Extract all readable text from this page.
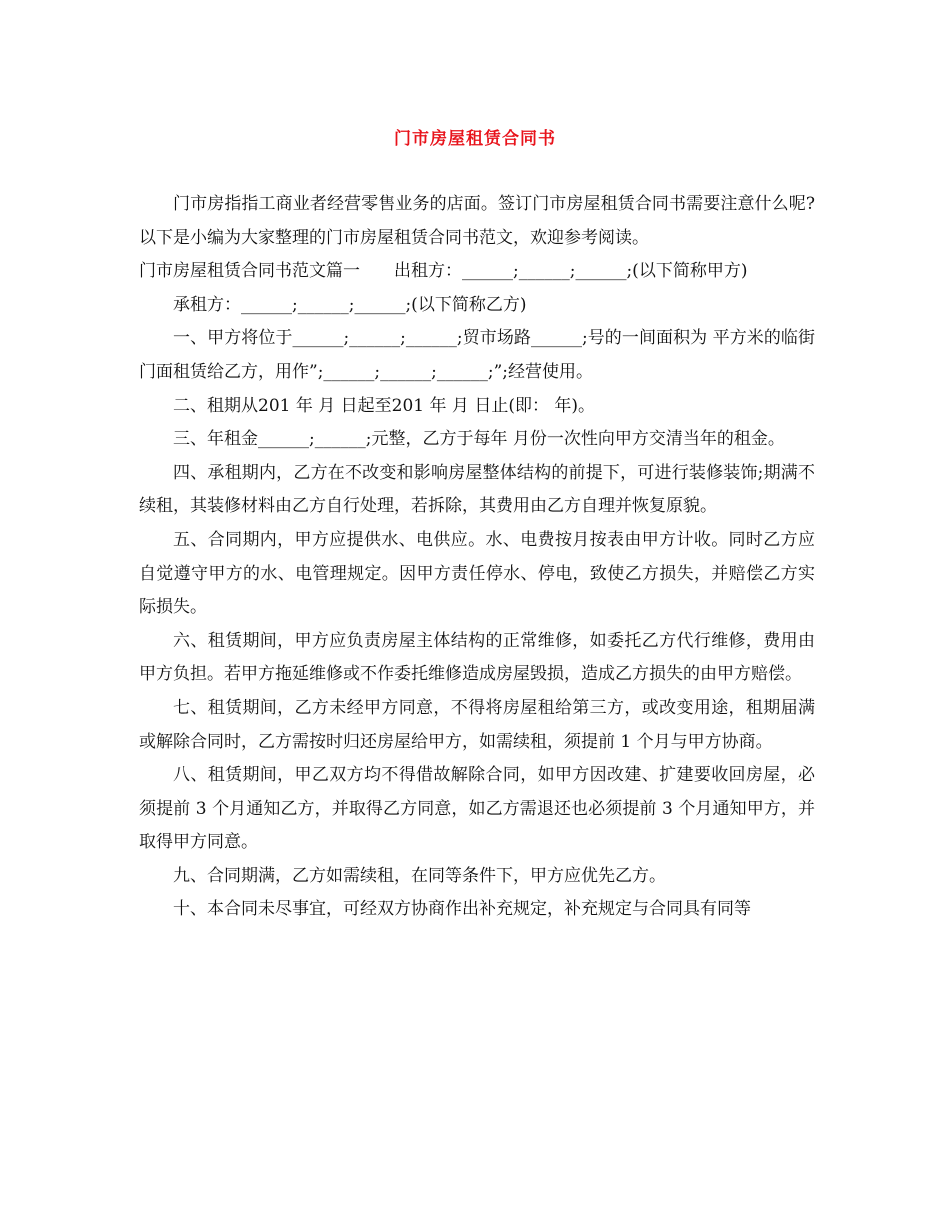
门市房屋租赁合同书

门市房指指工商业者经营零售业务的店面。签订门市房屋租赁合同书需要注意什么呢?以下是小编为大家整理的门市房屋租赁合同书范文，欢迎参考阅读。

门市房屋租赁合同书范文篇一　　出租方：______;______;______;(以下简称甲方)

承租方：______;______;______;(以下简称乙方)

一、甲方将位于______;______;______;贸市场路______;号的一间面积为 平方米的临街门面租赁给乙方，用作”;______;______;______;”;经营使用。

二、租期从201 年 月 日起至201 年 月 日止(即： 年)。

三、年租金______;______;元整，乙方于每年 月份一次性向甲方交清当年的租金。

四、承租期内，乙方在不改变和影响房屋整体结构的前提下，可进行装修装饰;期满不续租，其装修材料由乙方自行处理，若拆除，其费用由乙方自理并恢复原貌。

五、合同期内，甲方应提供水、电供应。水、电费按月按表由甲方计收。同时乙方应自觉遵守甲方的水、电管理规定。因甲方责任停水、停电，致使乙方损失，并赔偿乙方实际损失。

六、租赁期间，甲方应负责房屋主体结构的正常维修，如委托乙方代行维修，费用由甲方负担。若甲方拖延维修或不作委托维修造成房屋毁损，造成乙方损失的由甲方赔偿。

七、租赁期间，乙方未经甲方同意，不得将房屋租给第三方，或改变用途，租期届满或解除合同时，乙方需按时归还房屋给甲方，如需续租，须提前 1 个月与甲方协商。

八、租赁期间，甲乙双方均不得借故解除合同，如甲方因改建、扩建要收回房屋，必须提前 3 个月通知乙方，并取得乙方同意，如乙方需退还也必须提前 3 个月通知甲方，并取得甲方同意。

九、合同期满，乙方如需续租，在同等条件下，甲方应优先乙方。

十、本合同未尽事宜，可经双方协商作出补充规定，补充规定与合同具有同等
